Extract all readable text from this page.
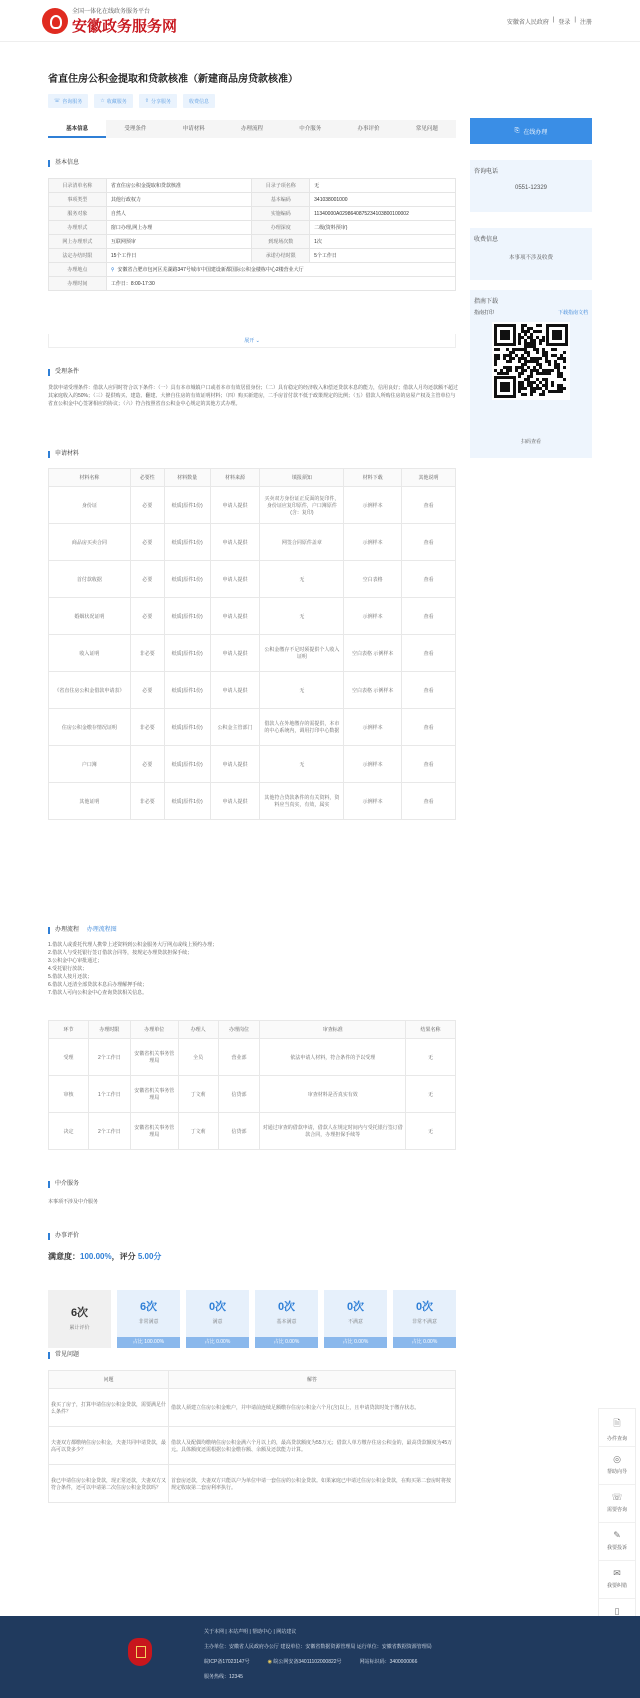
全国一体化在线政务服务平台
安徽政务服务网	安徽省人民政府 | 登录 | 注册
省直住房公积金提取和贷款核准（新建商品房贷款核准）
☏ 咨询服务	☆ 收藏服务	⇪ 分享服务	收费信息
基本信息	受理条件	申请材料	办理流程	中介服务	办事评价	常见问题
基本信息
目录清单名称	省直住房公积金提取和贷款核准	目录子项名称	无
事项类型	其他行政权力	基本编码	341038001000
服务对象	自然人	实施编码	11340000A0298640875234103800100002
办理形式	窗口办理,网上办理	办理深度	二级(资料预审)
网上办理形式	互联网预审	到现场次数	1次
法定办结时限	15个工作日	承诺办结时限	5个工作日
办理地点	⚲ 安徽省合肥市包河区芜湖路347号城市中国建设新都国际公积金楼栋中心2楼营业大厅		
办理时间	工作日：8:00-17:30		
展开 ⌄
受理条件
贷款申请受理条件：借款人应同时符合以下条件：（一）具有本市城镇户口或者本市有效居留身份；（二）具有稳定的经济收入和偿还贷款本息的能力，信用良好；借款人月均还款额不超过其家庭收入的50%；（三）提供购买、建造、翻建、大修自住房的有效证明材料；（四）购买新建房，二手房首付款不低于政策规定的比例；（五）借款人所购住房的房屋产权及主管单位与省直公积金中心签署相应的协议；（六）符合按照省直公积金中心规定的其他方式办理。
申请材料
材料名称	必要性	材料数量	材料来源	填报须知	材料下载	其他说明
身份证	必要	纸质(原件1份)	申请人提供	买卖双方身份证正反面的复印件，身份证应复印原件，户口簿原件(含：复印)	示例样本	查看
商品房买卖合同	必要	纸质(原件1份)	申请人提供	网签合同原件盖章	示例样本	查看
首付款收据	必要	纸质(原件1份)	申请人提供	无	空白表格	查看
婚姻状况证明	必要	纸质(原件1份)	申请人提供	无	示例样本	查看
收入证明	非必要	纸质(原件1份)	申请人提供	公积金缴存不足时须提供个人收入证明	空白表格 示例样本	查看
《省直住房公积金借款申请表》	必要	纸质(原件1份)	申请人提供	无	空白表格 示例样本	查看
住房公积金缴存情况证明	非必要	纸质(原件1份)	公积金主管部门	借款人在外地缴存的需提供，本市的中心系统内，调用打印中心数据	示例样本	查看
户口簿	必要	纸质(原件1份)	申请人提供	无	示例样本	查看
其他证明	非必要	纸质(原件1份)	申请人提供	其他符合贷款条件的有关资料，资料应当真实，有效，属实	示例样本	查看
办理流程 办理流程图
1.借款人或委托代理人携带上述资料到公积金服务大厅网点或线上预约办理；
2.借款人与受托银行签订借款合同等，按规定办理贷款担保手续；
3.公积金中心审批通过；
4.受托银行放款；
5.借款人按月还款；
6.借款人还清全部贷款本息后办理解押手续；
7.借款人可向公积金中心查询贷款相关信息。
环节	办理时限	办理单位	办理人	办理岗位	审查标准	结果名称
受理	2个工作日	安徽省机关事务管理局	全员	营业部	依法申请人材料，符合条件的予以受理	无
审核	1个工作日	安徽省机关事务管理局	丁文莉	信贷部	审查材料是否真实有效	无
决定	2个工作日	安徽省机关事务管理局	丁文莉	信贷部	对通过审查的借款申请，借款人在规定时间内与受托银行签订借款合同，办理担保手续等	无
中介服务
本事项不涉及中介服务
办事评价
满意度：100.00%，评分 5.00分
6次
累计评价
6次
非常满意
占比 100.00%
0次
满意
占比 0.00%
0次
基本满意
占比 0.00%
0次
不满意
占比 0.00%
0次
非常不满意
占比 0.00%
常见问题
问题	解答
我买了房子，打算申请住房公积金贷款，需要满足什么条件？	借款人须建立住房公积金账户，并申请前连续足额缴存住房公积金六个月(含)以上，且申请贷款时处于缴存状态。
夫妻双方都缴纳住房公积金，夫妻共同申请贷款，最高可以贷多少？	借款人及配偶均缴纳住房公积金满六个月以上的，最高贷款额度为55万元；借款人单方缴存住房公积金的，最高贷款额度为45万元。具体额度还需根据公积金缴存额、余额及还款能力计算。
我已申请住房公积金贷款，现正常还款，夫妻双方又符合条件，还可以申请第二次住房公积金贷款吗？	首套房还款，夫妻双方只能以户为单位申请一套住房的公积金贷款。如果家庭已申请过住房公积金贷款，在购买第二套房时将按规定收取第二套房利率执行。
⎘ 在线办理
咨询电话
0551-12329
收费信息
本事项不涉及收费
指南下载
指南打印	下载指南文档
扫码查看
🗎
办件查询
◎
帮助向导
☏
需要咨询
✎
我要投诉
✉
我要纠错
▯
关于本网 | 本站声明 | 帮助中心 | 网站建议
主办单位：安徽省人民政府办公厅 建设单位：安徽省数据资源管理局 运行单位：安徽省数据资源管理局
皖ICP备17023147号	◉ 皖公网安备34011102000822号	网站标识码：3400000066
服务热线：12345
